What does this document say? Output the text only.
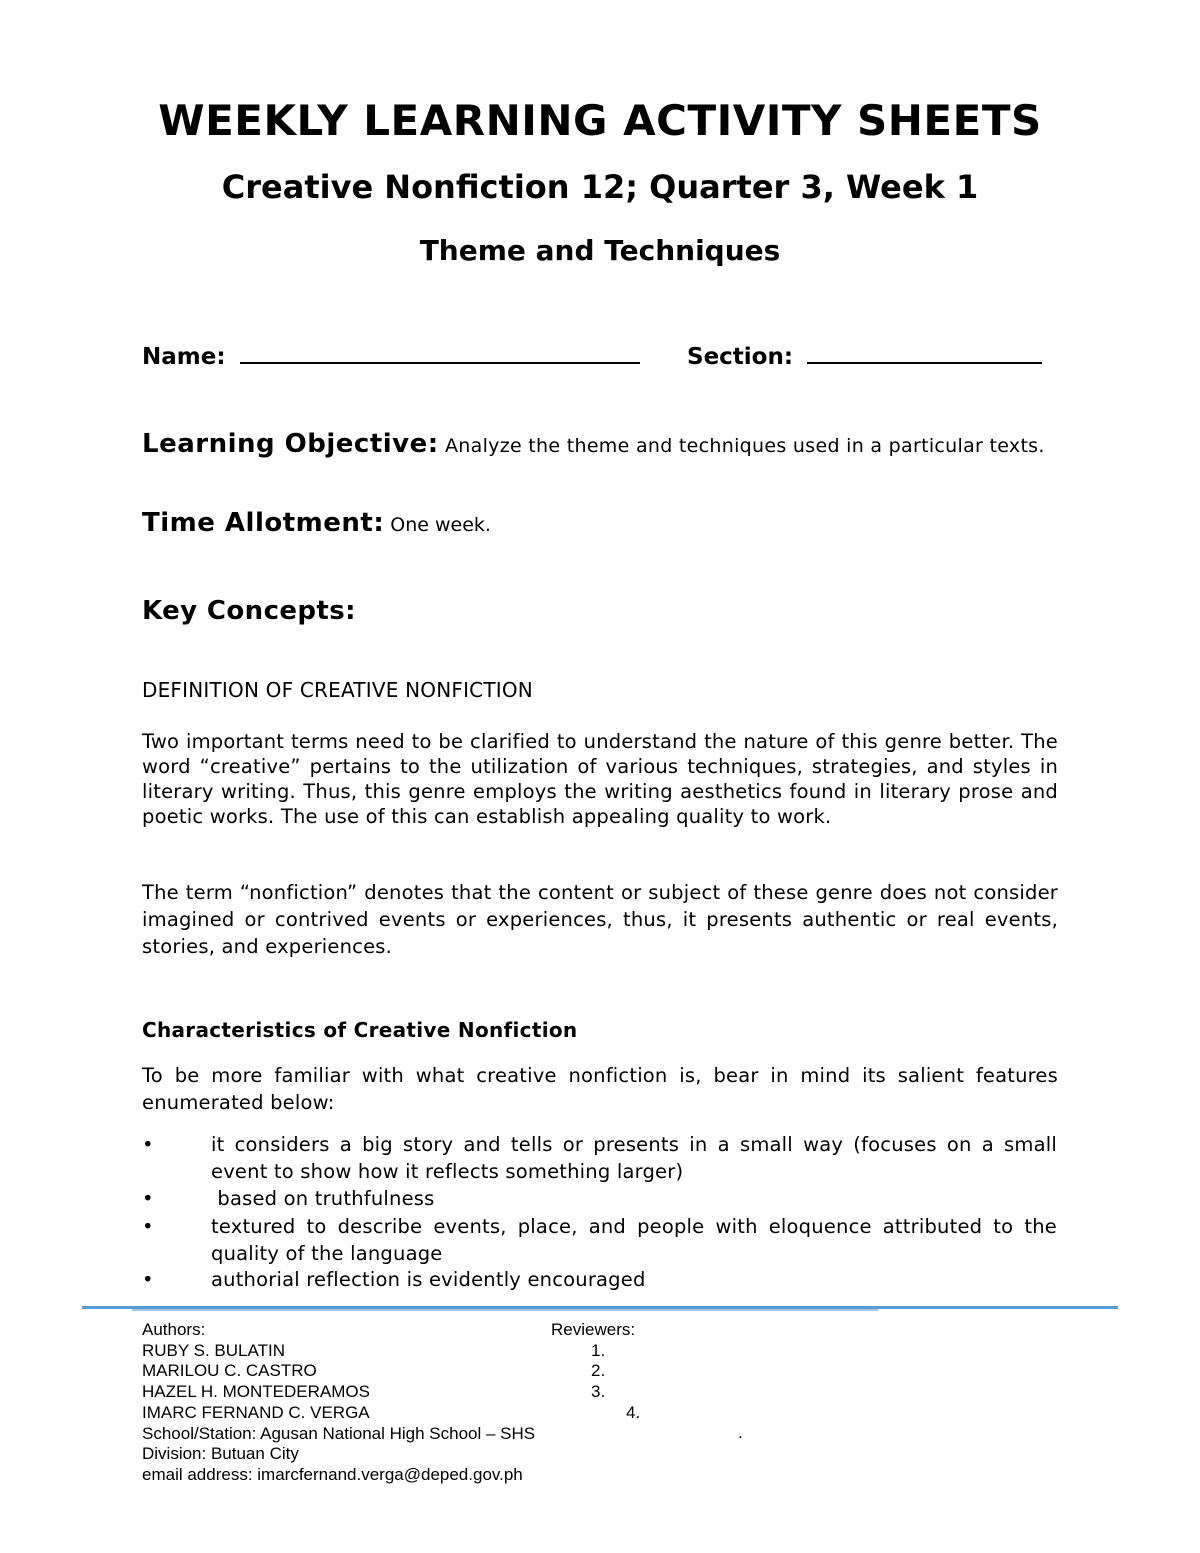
WEEKLY LEARNING ACTIVITY SHEETS
Creative Nonfiction 12; Quarter 3, Week 1
Theme and Techniques
Name:	Section:
Learning Objective: Analyze the theme and techniques used in a particular texts.
Time Allotment: One week.
Key Concepts:
DEFINITION OF CREATIVE NONFICTION
Two important terms need to be clarified to understand the nature of this genre better. The word “creative” pertains to the utilization of various techniques, strategies, and styles in literary writing. Thus, this genre employs the writing aesthetics found in literary prose and poetic works. The use of this can establish appealing quality to work.
The term “nonfiction” denotes that the content or subject of these genre does not consider imagined or contrived events or experiences, thus, it presents authentic or real events, stories, and experiences.
Characteristics of Creative Nonfiction
To be more familiar with what creative nonfiction is, bear in mind its salient features enumerated below:
•	it considers a big story and tells or presents in a small way (focuses on a small event to show how it reflects something larger)
•	based on truthfulness
•	textured to describe events, place, and people with eloquence attributed to the quality of the language
•	authorial reflection is evidently encouraged
Authors:
RUBY S. BULATIN
MARILOU C. CASTRO
HAZEL H. MONTEDERAMOS
IMARC FERNAND C. VERGA
School/Station: Agusan National High School – SHS
Division: Butuan City
email address: imarcfernand.verga@deped.gov.ph
Reviewers:
1.
2.
3.
4.
.
